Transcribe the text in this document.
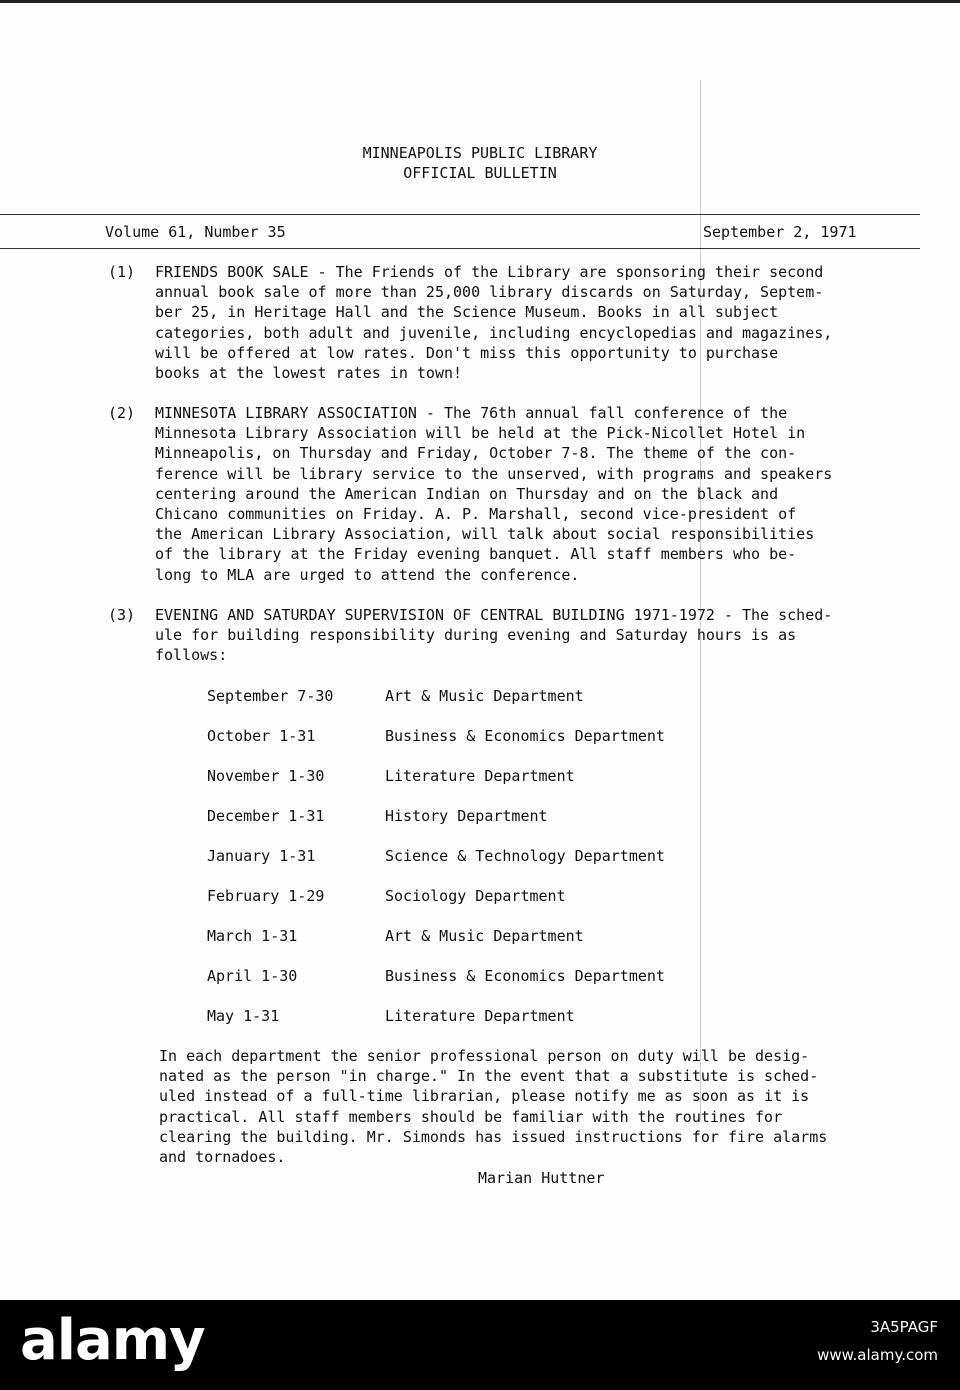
MINNEAPOLIS PUBLIC LIBRARY
OFFICIAL BULLETIN
Volume 61, Number 35	September 2, 1971
(1) FRIENDS BOOK SALE - The Friends of the Library are sponsoring their second
annual book sale of more than 25,000 library discards on Saturday, Septem-
ber 25, in Heritage Hall and the Science Museum. Books in all subject
categories, both adult and juvenile, including encyclopedias and magazines,
will be offered at low rates. Don't miss this opportunity to purchase
books at the lowest rates in town!
(2) MINNESOTA LIBRARY ASSOCIATION - The 76th annual fall conference of the
Minnesota Library Association will be held at the Pick-Nicollet Hotel in
Minneapolis, on Thursday and Friday, October 7-8. The theme of the con-
ference will be library service to the unserved, with programs and speakers
centering around the American Indian on Thursday and on the black and
Chicano communities on Friday. A. P. Marshall, second vice-president of
the American Library Association, will talk about social responsibilities
of the library at the Friday evening banquet. All staff members who be-
long to MLA are urged to attend the conference.
(3) EVENING AND SATURDAY SUPERVISION OF CENTRAL BUILDING 1971-1972 - The sched-
ule for building responsibility during evening and Saturday hours is as
follows:
September 7-30	Art & Music Department
October 1-31	Business & Economics Department
November 1-30	Literature Department
December 1-31	History Department
January 1-31	Science & Technology Department
February 1-29	Sociology Department
March 1-31	Art & Music Department
April 1-30	Business & Economics Department
May 1-31	Literature Department
In each department the senior professional person on duty will be desig-
nated as the person "in charge." In the event that a substitute is sched-
uled instead of a full-time librarian, please notify me as soon as it is
practical. All staff members should be familiar with the routines for
clearing the building. Mr. Simonds has issued instructions for fire alarms
and tornadoes.
Marian Huttner
alamy	3A5PAGF
www.alamy.com
